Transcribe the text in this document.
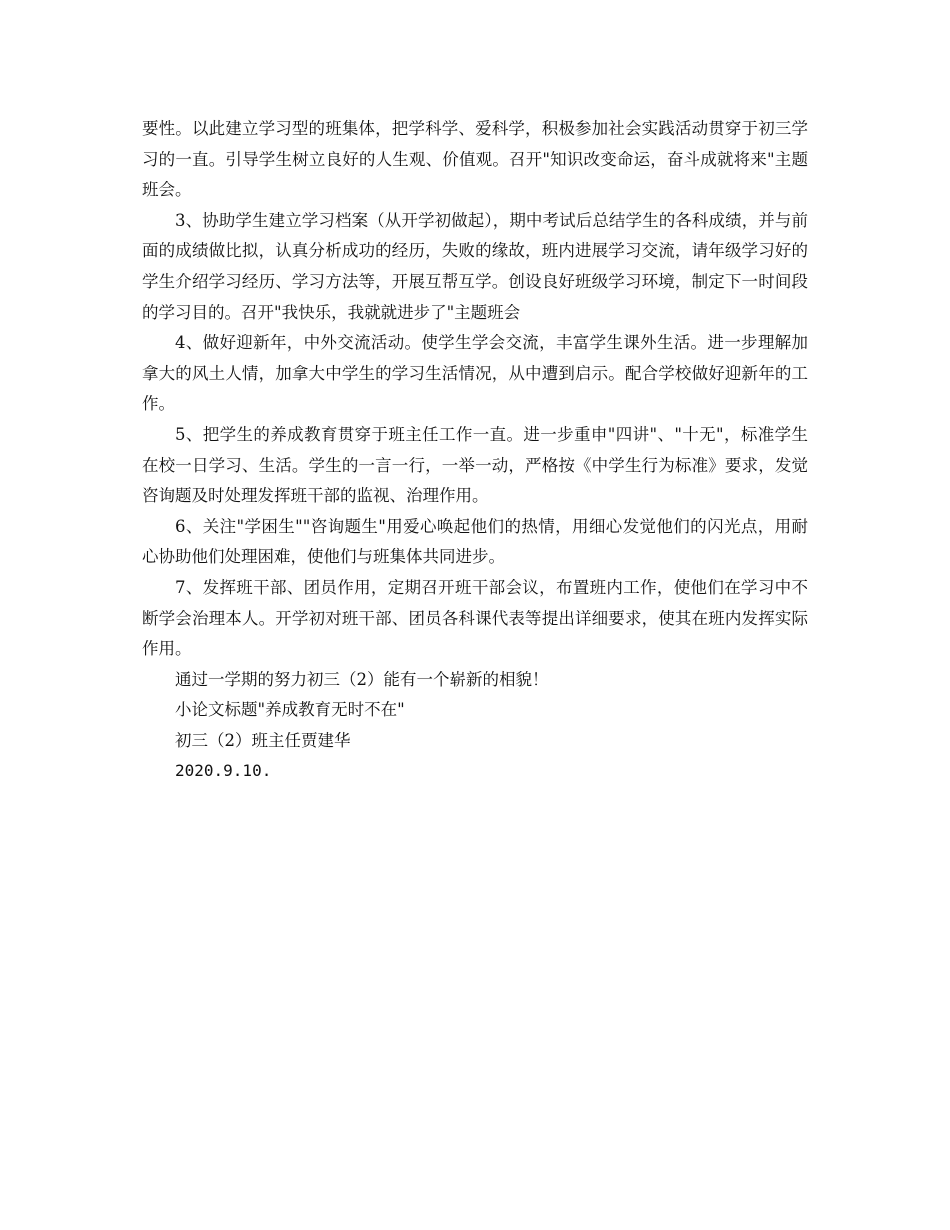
要性。以此建立学习型的班集体，把学科学、爱科学，积极参加社会实践活动贯穿于初三学习的一直。引导学生树立良好的人生观、价值观。召开"知识改变命运，奋斗成就将来"主题班会。

3、协助学生建立学习档案（从开学初做起），期中考试后总结学生的各科成绩，并与前面的成绩做比拟，认真分析成功的经历，失败的缘故，班内进展学习交流，请年级学习好的学生介绍学习经历、学习方法等，开展互帮互学。创设良好班级学习环境，制定下一时间段的学习目的。召开"我快乐，我就就进步了"主题班会

4、做好迎新年，中外交流活动。使学生学会交流，丰富学生课外生活。进一步理解加拿大的风土人情，加拿大中学生的学习生活情况，从中遭到启示。配合学校做好迎新年的工作。

5、把学生的养成教育贯穿于班主任工作一直。进一步重申"四讲"、"十无"，标准学生在校一日学习、生活。学生的一言一行，一举一动，严格按《中学生行为标准》要求，发觉咨询题及时处理发挥班干部的监视、治理作用。

6、关注"学困生""咨询题生"用爱心唤起他们的热情，用细心发觉他们的闪光点，用耐心协助他们处理困难，使他们与班集体共同进步。

7、发挥班干部、团员作用，定期召开班干部会议，布置班内工作，使他们在学习中不断学会治理本人。开学初对班干部、团员各科课代表等提出详细要求，使其在班内发挥实际作用。

通过一学期的努力初三（2）能有一个崭新的相貌！

小论文标题"养成教育无时不在"

初三（2）班主任贾建华

2020.9.10.
